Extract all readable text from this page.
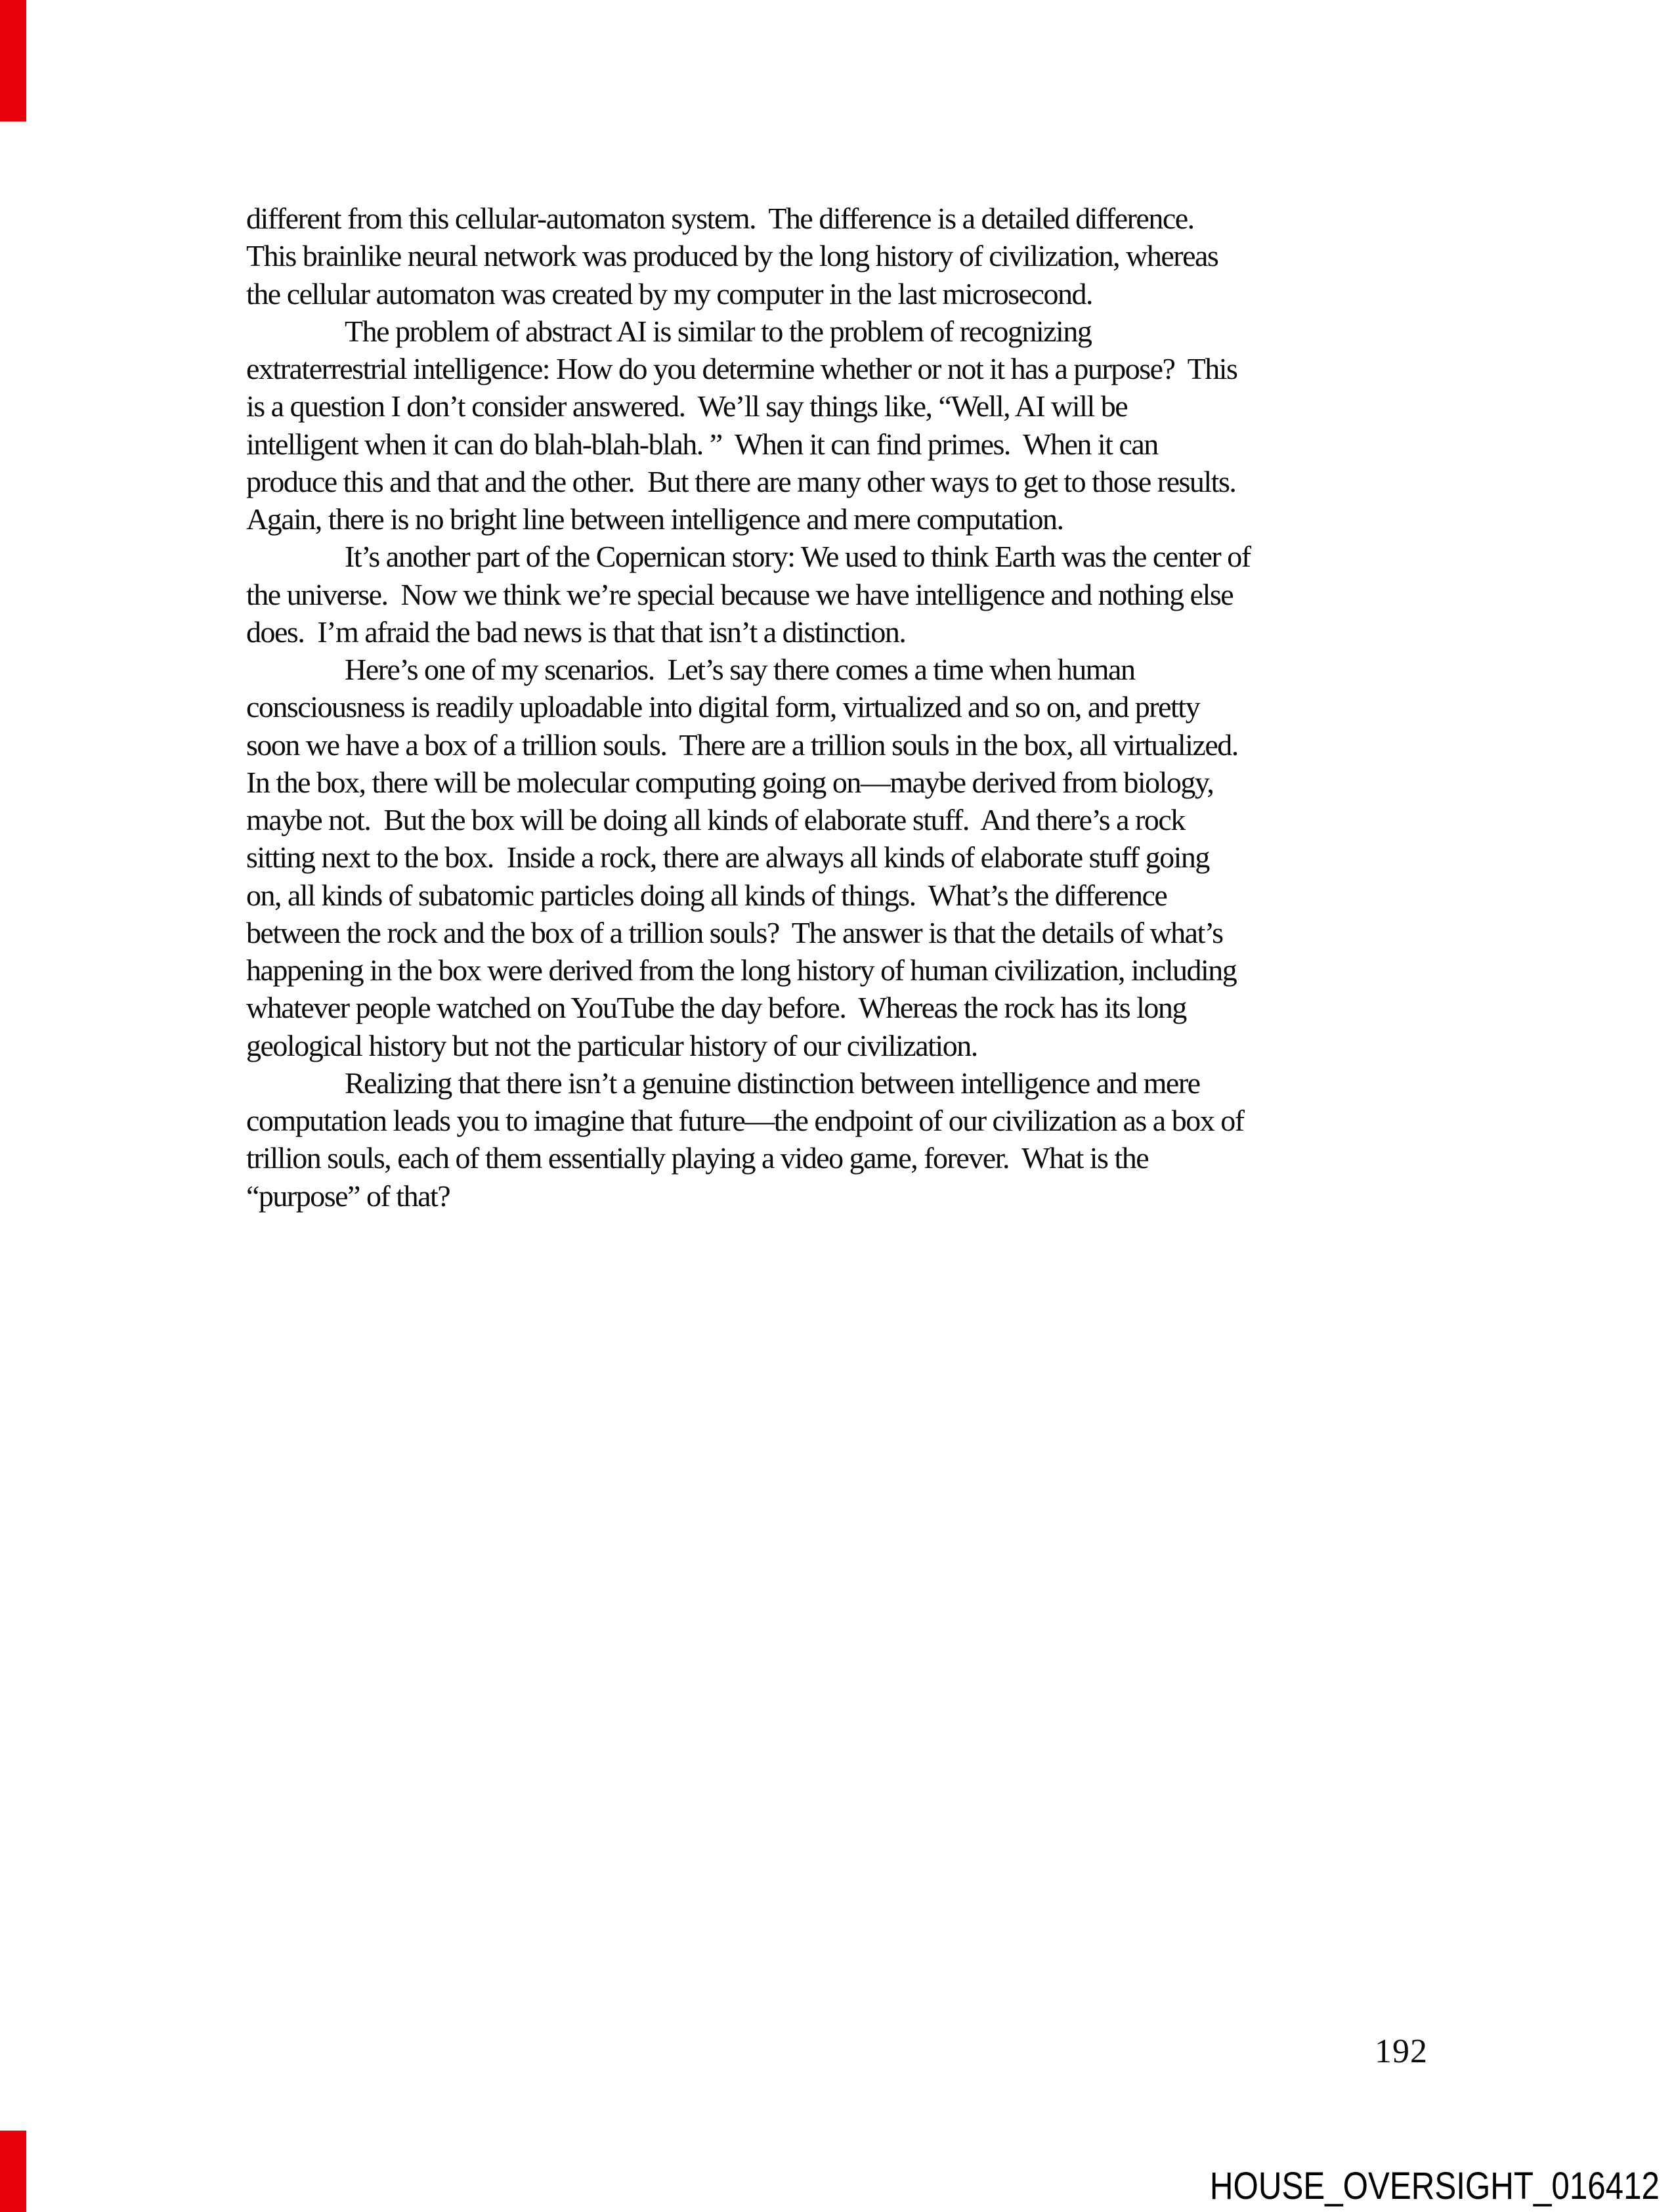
different from this cellular-automaton system.  The difference is a detailed difference.
This brainlike neural network was produced by the long history of civilization, whereas
the cellular automaton was created by my computer in the last microsecond.
The problem of abstract AI is similar to the problem of recognizing
extraterrestrial intelligence: How do you determine whether or not it has a purpose?  This
is a question I don’t consider answered.  We’ll say things like, “Well, AI will be
intelligent when it can do blah-blah-blah. ”  When it can find primes.  When it can
produce this and that and the other.  But there are many other ways to get to those results.
Again, there is no bright line between intelligence and mere computation.
It’s another part of the Copernican story: We used to think Earth was the center of
the universe.  Now we think we’re special because we have intelligence and nothing else
does.  I’m afraid the bad news is that that isn’t a distinction.
Here’s one of my scenarios.  Let’s say there comes a time when human
consciousness is readily uploadable into digital form, virtualized and so on, and pretty
soon we have a box of a trillion souls.  There are a trillion souls in the box, all virtualized.
In the box, there will be molecular computing going on—maybe derived from biology,
maybe not.  But the box will be doing all kinds of elaborate stuff.  And there’s a rock
sitting next to the box.  Inside a rock, there are always all kinds of elaborate stuff going
on, all kinds of subatomic particles doing all kinds of things.  What’s the difference
between the rock and the box of a trillion souls?  The answer is that the details of what’s
happening in the box were derived from the long history of human civilization, including
whatever people watched on YouTube the day before.  Whereas the rock has its long
geological history but not the particular history of our civilization.
Realizing that there isn’t a genuine distinction between intelligence and mere
computation leads you to imagine that future—the endpoint of our civilization as a box of
trillion souls, each of them essentially playing a video game, forever.  What is the
“purpose” of that?
192
HOUSE_OVERSIGHT_016412
